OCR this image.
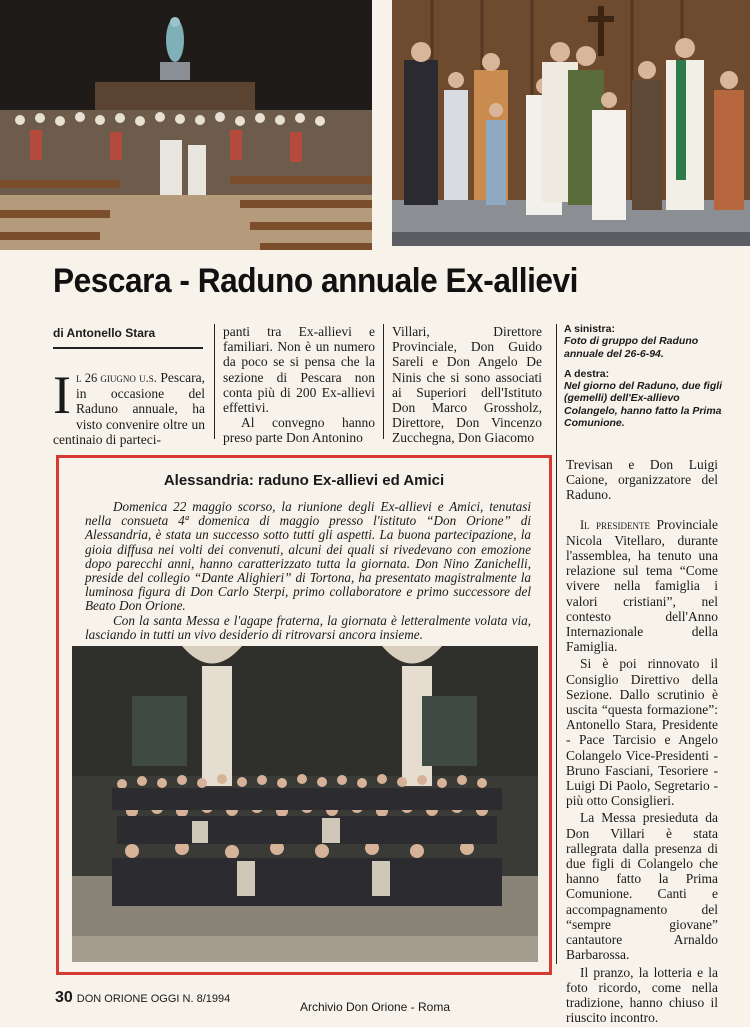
Pescara - Raduno annuale Ex-allievi
di Antonello Stara

Il 26 giugno u.s. Pescara, in occasione del Raduno annuale, ha visto convenire oltre un centinaio di parteci-

panti tra Ex-allievi e familiari. Non è un numero da poco se si pensa che la sezione di Pescara non conta più di 200 Ex-allievi effettivi.

Al convegno hanno preso parte Don Antonino

Villari, Direttore Provinciale, Don Guido Sareli e Don Angelo De Ninis che si sono associati ai Superiori dell'Istituto Don Marco Grossholz, Direttore, Don Vincenzo Zucchegna, Don Giacomo

A sinistra:
Foto di gruppo del Raduno annuale del 26-6-94.
A destra:
Nel giorno del Raduno, due figli (gemelli) dell'Ex-allievo Colangelo, hanno fatto la Prima Comunione.
Alessandria: raduno Ex-allievi ed Amici

Domenica 22 maggio scorso, la riunione degli Ex-allievi e Amici, tenutasi nella consueta 4ª domenica di maggio presso l'istituto “Don Orione” di Alessandria, è stata un successo sotto tutti gli aspetti. La buona partecipazione, la gioia diffusa nei volti dei convenuti, alcuni dei quali si rivedevano con emozione dopo parecchi anni, hanno caratterizzato tutta la giornata. Don Nino Zanichelli, preside del collegio “Dante Alighieri” di Tortona, ha presentato magistralmente la luminosa figura di Don Carlo Sterpi, primo collaboratore e primo successore del Beato Don Orione.

Con la santa Messa e l'agape fraterna, la giornata è letteralmente volata via, lasciando in tutti un vivo desiderio di ritrovarsi ancora insieme.

Trevisan e Don Luigi Caione, organizzatore del Raduno.

Il presidente Provinciale Nicola Vitellaro, durante l'assemblea, ha tenuto una relazione sul tema “Come vivere nella famiglia i valori cristiani”, nel contesto dell'Anno Internazionale della Famiglia.

Si è poi rinnovato il Consiglio Direttivo della Sezione. Dallo scrutinio è uscita “questa formazione”: Antonello Stara, Presidente - Pace Tarcisio e Angelo Colangelo Vice-Presidenti - Bruno Fasciani, Tesoriere - Luigi Di Paolo, Segretario - più otto Consiglieri.

La Messa presieduta da Don Villari è stata rallegrata dalla presenza di due figli di Colangelo che hanno fatto la Prima Comunione. Canti e accompagnamento del “sempre giovane” cantautore Arnaldo Barbarossa.

Il pranzo, la lotteria e la foto ricordo, come nella tradizione, hanno chiuso il riuscito incontro.

30 DON ORIONE OGGI N. 8/1994
Archivio Don Orione - Roma
